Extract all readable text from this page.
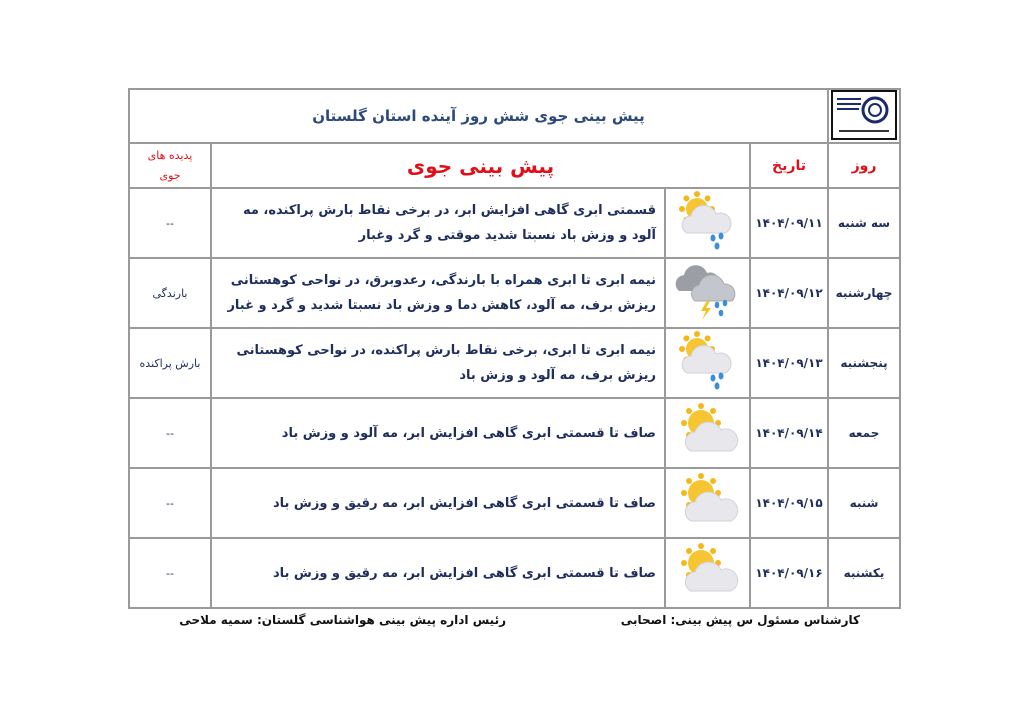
	پیش بینی جوی شش روز آینده استان گلستان			
روز	تاریخ	پیش بینی جوی		پدیده های جوی
سه شنبه	۱۴۰۴/۰۹/۱۱		قسمتی ابری گاهی افزایش ابر، در برخی نقاط بارش پراکنده، مه آلود و وزش باد نسبتا شدید موقتی و گرد وغبار	--
چهارشنبه	۱۴۰۴/۰۹/۱۲		نیمه ابری تا ابری همراه با بارندگی، رعدوبرق، در نواحی کوهستانی ریزش برف، مه آلود، کاهش دما و وزش باد نسبتا شدید و گرد و غبار	بارندگی
پنجشنبه	۱۴۰۴/۰۹/۱۳		نیمه ابری تا ابری، برخی نقاط بارش پراکنده، در نواحی کوهستانی ریزش برف، مه آلود و وزش باد	بارش پراکنده
جمعه	۱۴۰۴/۰۹/۱۴		صاف تا قسمتی ابری گاهی افزایش ابر، مه آلود و وزش باد	--
شنبه	۱۴۰۴/۰۹/۱۵		صاف تا قسمتی ابری گاهی افزایش ابر، مه رقیق و وزش باد	--
یکشنبه	۱۴۰۴/۰۹/۱۶		صاف تا قسمتی ابری گاهی افزایش ابر، مه رقیق و وزش باد	--
کارشناس مسئول س پیش بینی: اصحابی
رئیس اداره پیش بینی هواشناسی گلستان: سمیه ملاحی
